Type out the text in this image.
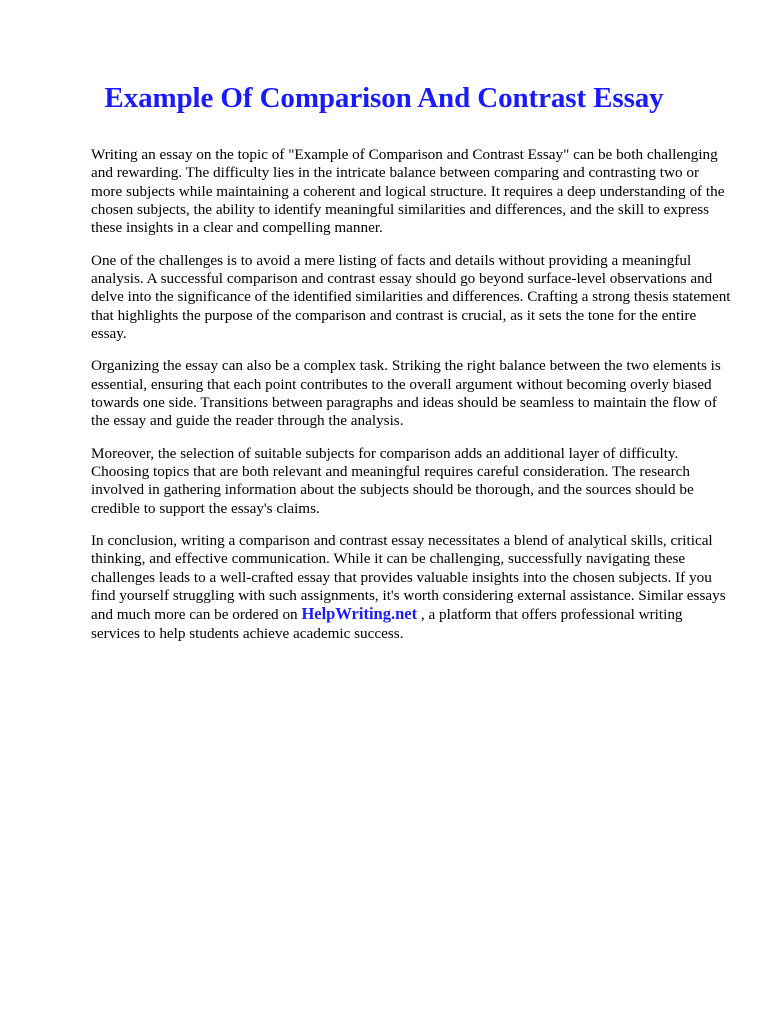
Example Of Comparison And Contrast Essay

Writing an essay on the topic of "Example of Comparison and Contrast Essay" can be both challenging and rewarding. The difficulty lies in the intricate balance between comparing and contrasting two or more subjects while maintaining a coherent and logical structure. It requires a deep understanding of the chosen subjects, the ability to identify meaningful similarities and differences, and the skill to express these insights in a clear and compelling manner.

One of the challenges is to avoid a mere listing of facts and details without providing a meaningful analysis. A successful comparison and contrast essay should go beyond surface-level observations and delve into the significance of the identified similarities and differences. Crafting a strong thesis statement that highlights the purpose of the comparison and contrast is crucial, as it sets the tone for the entire essay.

Organizing the essay can also be a complex task. Striking the right balance between the two elements is essential, ensuring that each point contributes to the overall argument without becoming overly biased towards one side. Transitions between paragraphs and ideas should be seamless to maintain the flow of the essay and guide the reader through the analysis.

Moreover, the selection of suitable subjects for comparison adds an additional layer of difficulty. Choosing topics that are both relevant and meaningful requires careful consideration. The research involved in gathering information about the subjects should be thorough, and the sources should be credible to support the essay's claims.

In conclusion, writing a comparison and contrast essay necessitates a blend of analytical skills, critical thinking, and effective communication. While it can be challenging, successfully navigating these challenges leads to a well-crafted essay that provides valuable insights into the chosen subjects. If you find yourself struggling with such assignments, it's worth considering external assistance. Similar essays and much more can be ordered on HelpWriting.net , a platform that offers professional writing services to help students achieve academic success.
